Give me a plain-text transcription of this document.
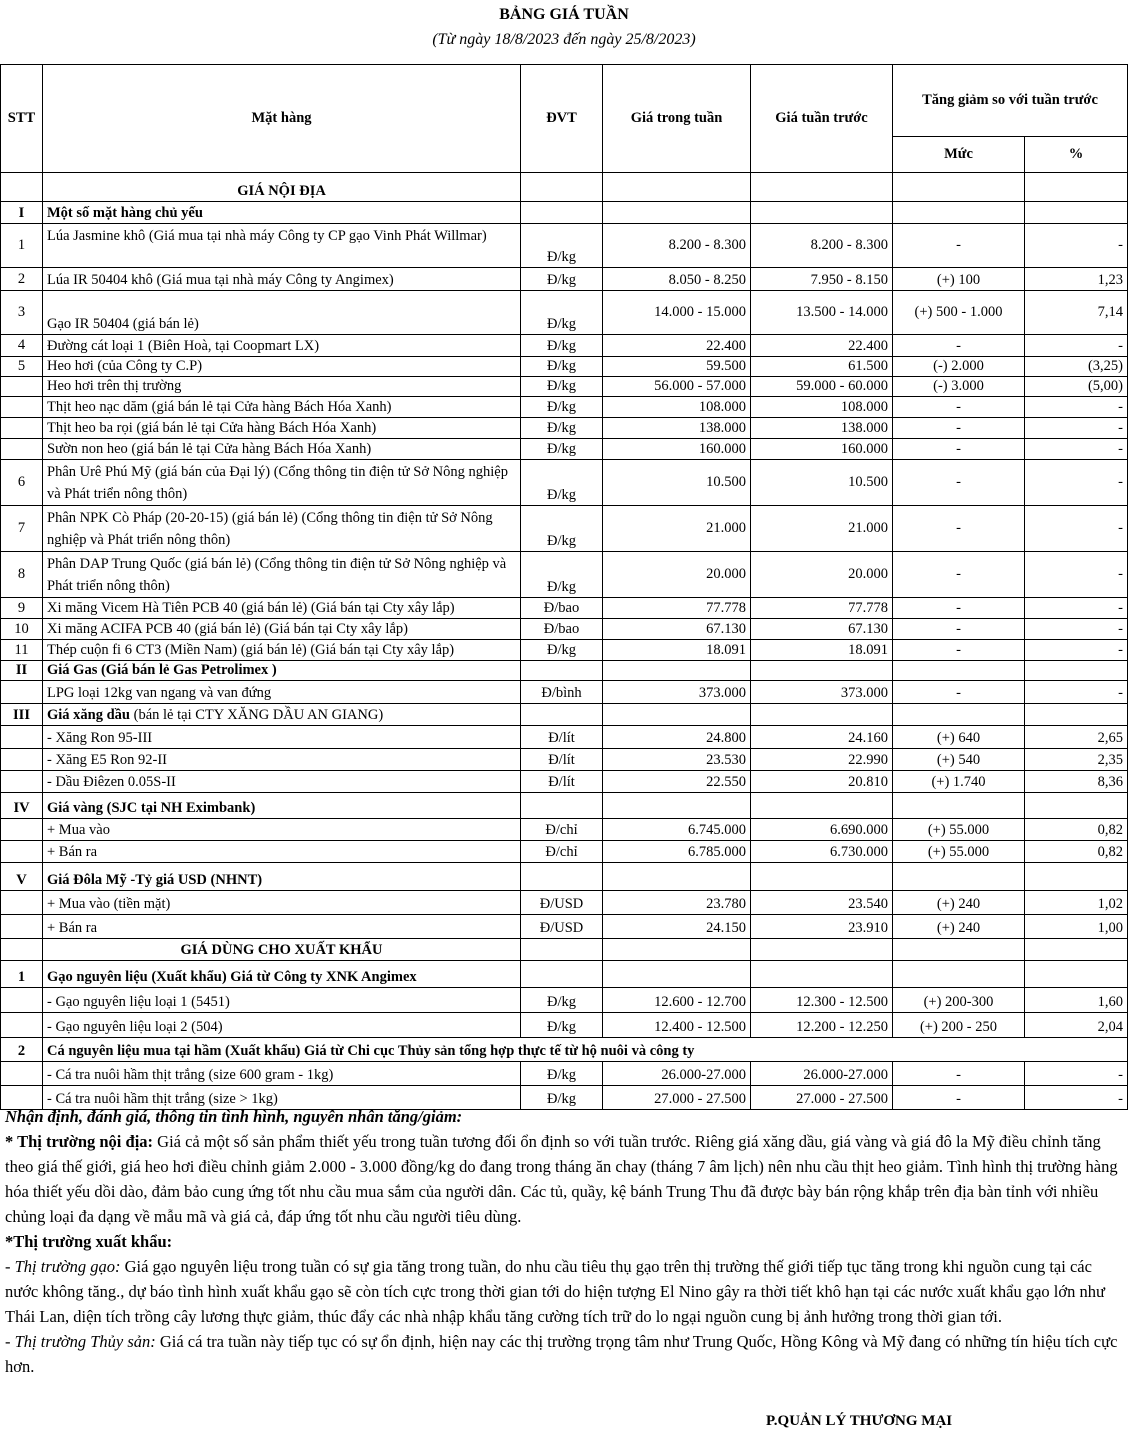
BẢNG GIÁ TUẦN
(Từ ngày 18/8/2023 đến ngày 25/8/2023)
STT	Mặt hàng	ĐVT	Giá trong tuần	Giá tuần trước	Tăng giảm so với tuần trước	
					Mức	%
	GIÁ NỘI ĐỊA					
I	Một số mặt hàng chủ yếu					
1	Lúa Jasmine khô (Giá mua tại nhà máy Công ty CP gạo Vinh Phát Willmar)	Đ/kg	8.200 - 8.300	8.200 - 8.300	-	-
2	Lúa IR 50404 khô (Giá mua tại nhà máy Công ty Angimex)	Đ/kg	8.050 - 8.250	7.950 - 8.150	(+) 100	1,23
3	Gạo IR 50404 (giá bán lẻ)	Đ/kg	14.000 - 15.000	13.500 - 14.000	(+) 500 - 1.000	7,14
4	Đường cát loại 1 (Biên Hoà, tại Coopmart LX)	Đ/kg	22.400	22.400	-	-
5	Heo hơi (của Công ty C.P)	Đ/kg	59.500	61.500	(-) 2.000	(3,25)
	Heo hơi trên thị trường	Đ/kg	56.000 - 57.000	59.000 - 60.000	(-) 3.000	(5,00)
	Thịt heo nạc dăm (giá bán lẻ tại Cửa hàng Bách Hóa Xanh)	Đ/kg	108.000	108.000	-	-
	Thịt heo ba rọi (giá bán lẻ tại Cửa hàng Bách Hóa Xanh)	Đ/kg	138.000	138.000	-	-
	Sườn non heo (giá bán lẻ tại Cửa hàng Bách Hóa Xanh)	Đ/kg	160.000	160.000	-	-
6	Phân Urê Phú Mỹ (giá bán của Đại lý) (Cổng thông tin điện tử Sở Nông nghiệp và Phát triển nông thôn)	Đ/kg	10.500	10.500	-	-
7	Phân NPK Cò Pháp (20-20-15) (giá bán lẻ) (Cổng thông tin điện tử Sở Nông nghiệp và Phát triển nông thôn)	Đ/kg	21.000	21.000	-	-
8	Phân DAP Trung Quốc (giá bán lẻ) (Cổng thông tin điện tử Sở Nông nghiệp và Phát triển nông thôn)	Đ/kg	20.000	20.000	-	-
9	Xi măng Vicem Hà Tiên PCB 40 (giá bán lẻ) (Giá bán tại Cty xây lắp)	Đ/bao	77.778	77.778	-	-
10	Xi măng ACIFA PCB 40 (giá bán lẻ) (Giá bán tại Cty xây lắp)	Đ/bao	67.130	67.130	-	-
11	Thép cuộn fi 6 CT3 (Miền Nam) (giá bán lẻ) (Giá bán tại Cty xây lắp)	Đ/kg	18.091	18.091	-	-
II	Giá Gas (Giá bán lẻ Gas Petrolimex )					
	LPG loại 12kg van ngang và van đứng	Đ/bình	373.000	373.000	-	-
III	Giá xăng dầu (bán lẻ tại CTY XĂNG DẦU AN GIANG)					
	- Xăng Ron 95-III	Đ/lít	24.800	24.160	(+) 640	2,65
	- Xăng E5 Ron 92-II	Đ/lít	23.530	22.990	(+) 540	2,35
	- Dầu Điêzen 0.05S-II	Đ/lít	22.550	20.810	(+) 1.740	8,36
IV	Giá vàng (SJC tại NH Eximbank)					
	+ Mua vào	Đ/chỉ	6.745.000	6.690.000	(+) 55.000	0,82
	+ Bán ra	Đ/chỉ	6.785.000	6.730.000	(+) 55.000	0,82
V	Giá Đôla Mỹ -Tỷ giá USD (NHNT)					
	+ Mua vào (tiền mặt)	Đ/USD	23.780	23.540	(+) 240	1,02
	+ Bán ra	Đ/USD	24.150	23.910	(+) 240	1,00
	GIÁ DÙNG CHO XUẤT KHẨU					
1	Gạo nguyên liệu (Xuất khẩu) Giá từ Công ty XNK Angimex					
	- Gạo nguyên liệu loại 1 (5451)	Đ/kg	12.600 - 12.700	12.300 - 12.500	(+) 200-300	1,60
	- Gạo nguyên liệu loại 2 (504)	Đ/kg	12.400 - 12.500	12.200 - 12.250	(+) 200 - 250	2,04
2	Cá nguyên liệu mua tại hầm (Xuất khẩu) Giá từ Chi cục Thủy sản tổng hợp thực tế từ hộ nuôi và công ty					
	- Cá tra nuôi hầm thịt trắng (size 600 gram - 1kg)	Đ/kg	26.000-27.000	26.000-27.000	-	-
	- Cá tra nuôi hầm thịt trắng (size > 1kg)	Đ/kg	27.000 - 27.500	27.000 - 27.500	-	-

Nhận định, đánh giá, thông tin tình hình, nguyên nhân tăng/giảm:

* Thị trường nội địa: Giá cả một số sản phẩm thiết yếu trong tuần tương đối ổn định so với tuần trước. Riêng giá xăng dầu, giá vàng và giá đô la Mỹ điều chỉnh tăng theo giá thế giới, giá heo hơi điều chỉnh giảm 2.000 - 3.000 đồng/kg do đang trong tháng ăn chay (tháng 7 âm lịch) nên nhu cầu thịt heo giảm. Tình hình thị trường hàng hóa thiết yếu dồi dào, đảm bảo cung ứng tốt nhu cầu mua sắm của người dân. Các tủ, quầy, kệ bánh Trung Thu đã được bày bán rộng khắp trên địa bàn tỉnh với nhiều chủng loại đa dạng về mẫu mã và giá cả, đáp ứng tốt nhu cầu người tiêu dùng.

*Thị trường xuất khẩu:

- Thị trường gạo: Giá gạo nguyên liệu trong tuần có sự gia tăng trong tuần, do nhu cầu tiêu thụ gạo trên thị trường thế giới tiếp tục tăng trong khi nguồn cung tại các nước không tăng., dự báo tình hình xuất khẩu gạo sẽ còn tích cực trong thời gian tới do hiện tượng El Nino gây ra thời tiết khô hạn tại các nước xuất khẩu gạo lớn như Thái Lan, diện tích trồng cây lương thực giảm, thúc đẩy các nhà nhập khẩu tăng cường tích trữ do lo ngại nguồn cung bị ảnh hưởng trong thời gian tới.

- Thị trường Thủy sản: Giá cá tra tuần này tiếp tục có sự ổn định, hiện nay các thị trường trọng tâm như Trung Quốc, Hồng Kông và Mỹ đang có những tín hiệu tích cực hơn.

P.QUẢN LÝ THƯƠNG MẠI
